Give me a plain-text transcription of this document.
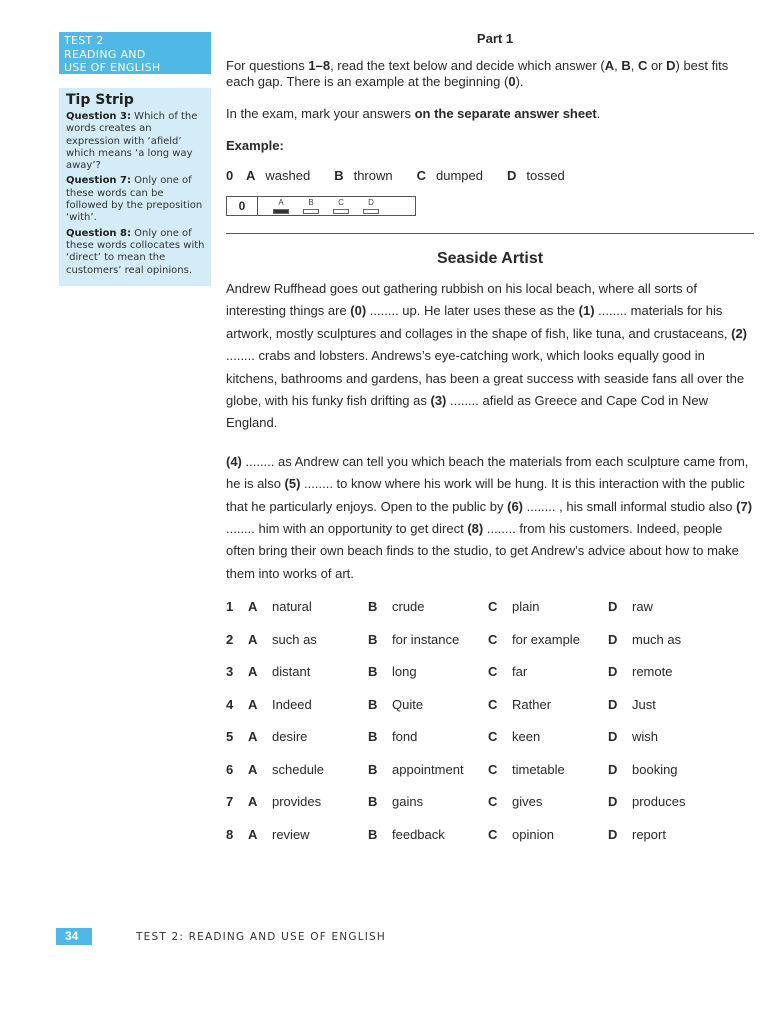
TEST 2
READING AND
USE OF ENGLISH

Tip Strip

Question 3: Which of the words creates an expression with ‘afield’ which means ‘a long way away’?
Question 7: Only one of these words can be followed by the preposition ‘with’.
Question 8: Only one of these words collocates with ‘direct’ to mean the customers’ real opinions.

Part 1

For questions 1–8, read the text below and decide which answer (A, B, C or D) best fits each gap. There is an example at the beginning (0).

In the exam, mark your answers on the separate answer sheet.

Example:

0 A washed B thrown C dumped D tossed
0	A	B	C	D

Seaside Artist

Andrew Ruffhead goes out gathering rubbish on his local beach, where all sorts of interesting things are (0) ........ up. He later uses these as the (1) ........ materials for his artwork, mostly sculptures and collages in the shape of fish, like tuna, and crustaceans, (2) ........ crabs and lobsters. Andrews’s eye-catching work, which looks equally good in kitchens, bathrooms and gardens, has been a great success with seaside fans all over the globe, with his funky fish drifting as (3) ........ afield as Greece and Cape Cod in New England.

(4) ........ as Andrew can tell you which beach the materials from each sculpture came from, he is also (5) ........ to know where his work will be hung. It is this interaction with the public that he particularly enjoys. Open to the public by (6) ........ , his small informal studio also (7) ........ him with an opportunity to get direct (8) ........ from his customers. Indeed, people often bring their own beach finds to the studio, to get Andrew’s advice about how to make them into works of art.

1	A	natural	B	crude	C	plain	D	raw
2	A	such as	B	for instance C	for example D	much as
3	A	distant	B	long	C	far	D	remote
4	A	Indeed	B	Quite	C	Rather	D	Just
5	A	desire	B	fond	C	keen	D	wish
6	A	schedule	B	appointment C	timetable	D	booking
7	A	provides	B	gains	C	gives	D	produces
8	A	review	B	feedback	C	opinion	D	report
34	TEST 2: READING AND USE OF ENGLISH
